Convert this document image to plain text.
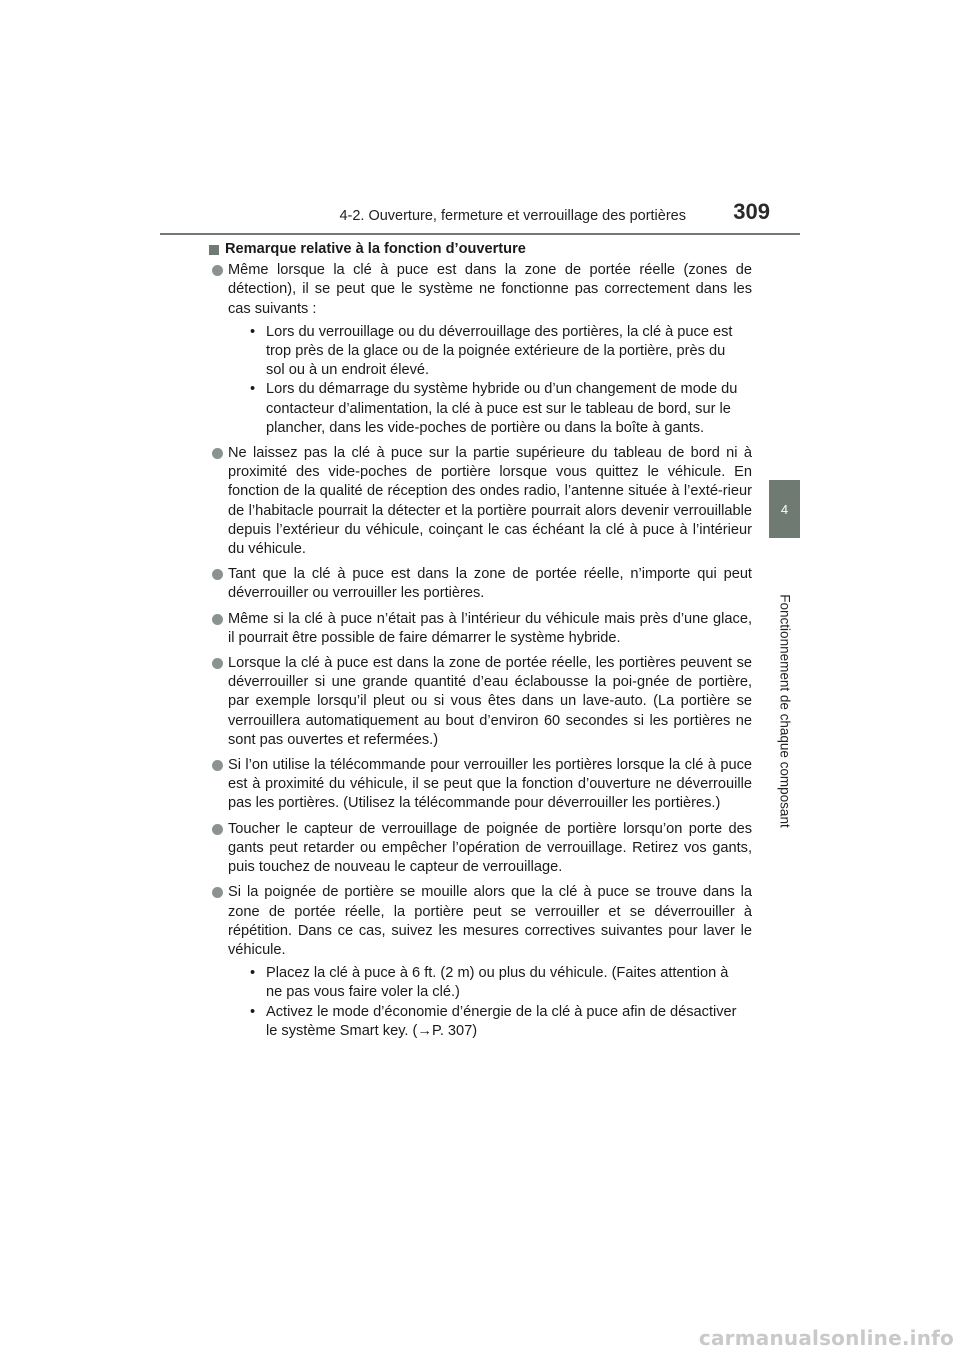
4-2. Ouverture, fermeture et verrouillage des portières	309
4
Fonctionnement de chaque composant
Remarque relative à la fonction d’ouverture
Même lorsque la clé à puce est dans la zone de portée réelle (zones de détection), il se peut que le système ne fonctionne pas correctement dans les cas suivants :
• Lors du verrouillage ou du déverrouillage des portières, la clé à puce est trop près de la glace ou de la poignée extérieure de la portière, près du sol ou à un endroit élevé.
• Lors du démarrage du système hybride ou d’un changement de mode du contacteur d’alimentation, la clé à puce est sur le tableau de bord, sur le plancher, dans les vide-poches de portière ou dans la boîte à gants.
Ne laissez pas la clé à puce sur la partie supérieure du tableau de bord ni à proximité des vide-poches de portière lorsque vous quittez le véhicule. En fonction de la qualité de réception des ondes radio, l’antenne située à l’exté-rieur de l’habitacle pourrait la détecter et la portière pourrait alors devenir verrouillable depuis l’extérieur du véhicule, coinçant le cas échéant la clé à puce à l’intérieur du véhicule.
Tant que la clé à puce est dans la zone de portée réelle, n’importe qui peut déverrouiller ou verrouiller les portières.
Même si la clé à puce n’était pas à l’intérieur du véhicule mais près d’une glace, il pourrait être possible de faire démarrer le système hybride.
Lorsque la clé à puce est dans la zone de portée réelle, les portières peuvent se déverrouiller si une grande quantité d’eau éclabousse la poi-gnée de portière, par exemple lorsqu’il pleut ou si vous êtes dans un lave-auto. (La portière se verrouillera automatiquement au bout d’environ 60 secondes si les portières ne sont pas ouvertes et refermées.)
Si l’on utilise la télécommande pour verrouiller les portières lorsque la clé à puce est à proximité du véhicule, il se peut que la fonction d’ouverture ne déverrouille pas les portières. (Utilisez la télécommande pour déverrouiller les portières.)
Toucher le capteur de verrouillage de poignée de portière lorsqu’on porte des gants peut retarder ou empêcher l’opération de verrouillage. Retirez vos gants, puis touchez de nouveau le capteur de verrouillage.
Si la poignée de portière se mouille alors que la clé à puce se trouve dans la zone de portée réelle, la portière peut se verrouiller et se déverrouiller à répétition. Dans ce cas, suivez les mesures correctives suivantes pour laver le véhicule.
• Placez la clé à puce à 6 ft. (2 m) ou plus du véhicule. (Faites attention à ne pas vous faire voler la clé.)
• Activez le mode d’économie d’énergie de la clé à puce afin de désactiver le système Smart key. (→P. 307)
carmanualsonline.info
